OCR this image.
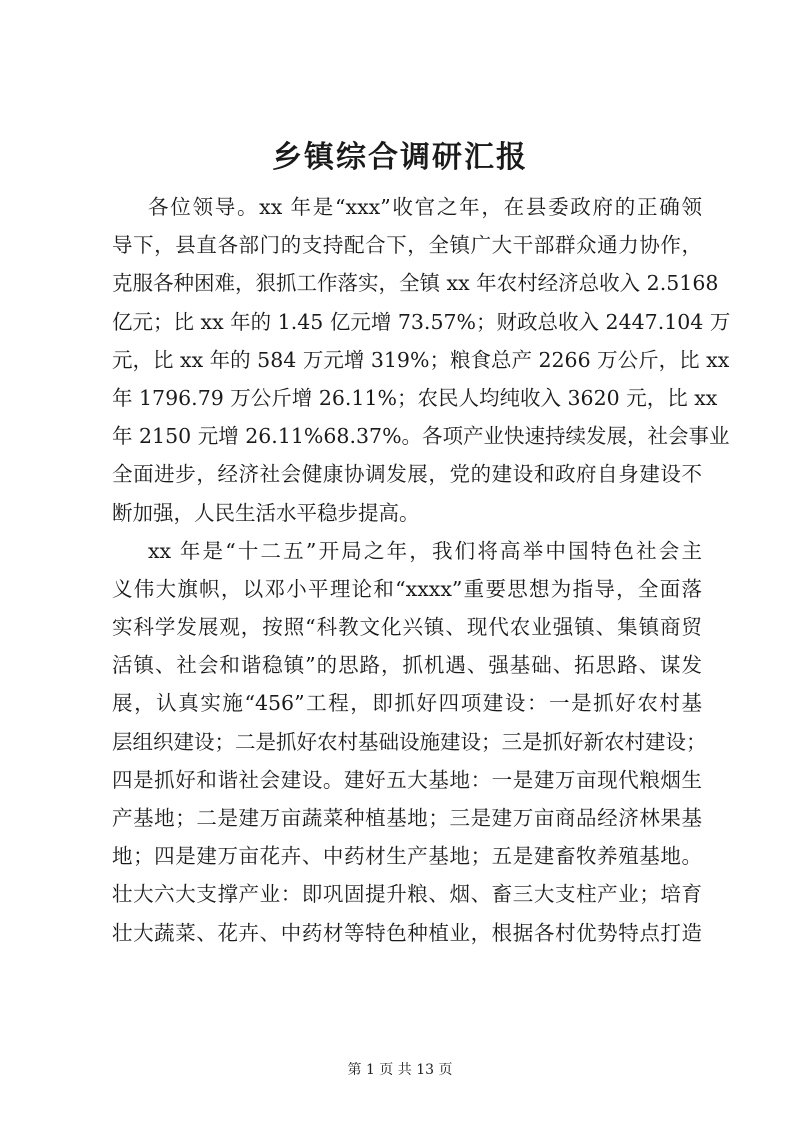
乡镇综合调研汇报
各位领导。xx 年是“xxx”收官之年，在县委政府的正确领
导下，县直各部门的支持配合下，全镇广大干部群众通力协作，
克服各种困难，狠抓工作落实，全镇 xx 年农村经济总收入 2.5168
亿元；比 xx 年的 1.45 亿元增 73.57%；财政总收入 2447.104 万
元，比 xx 年的 584 万元增 319%；粮食总产 2266 万公斤，比 xx
年 1796.79 万公斤增 26.11%；农民人均纯收入 3620 元，比 xx
年 2150 元增 26.11%68.37%。各项产业快速持续发展，社会事业
全面进步，经济社会健康协调发展，党的建设和政府自身建设不
断加强，人民生活水平稳步提高。
xx 年是“十二五”开局之年，我们将高举中国特色社会主
义伟大旗帜，以邓小平理论和“xxxx”重要思想为指导，全面落
实科学发展观，按照“科教文化兴镇、现代农业强镇、集镇商贸
活镇、社会和谐稳镇”的思路，抓机遇、强基础、拓思路、谋发
展，认真实施“456”工程，即抓好四项建设：一是抓好农村基
层组织建设；二是抓好农村基础设施建设；三是抓好新农村建设；
四是抓好和谐社会建设。建好五大基地：一是建万亩现代粮烟生
产基地；二是建万亩蔬菜种植基地；三是建万亩商品经济林果基
地；四是建万亩花卉、中药材生产基地；五是建畜牧养殖基地。
壮大六大支撑产业：即巩固提升粮、烟、畜三大支柱产业；培育
壮大蔬菜、花卉、中药材等特色种植业，根据各村优势特点打造
第 1 页 共 13 页
